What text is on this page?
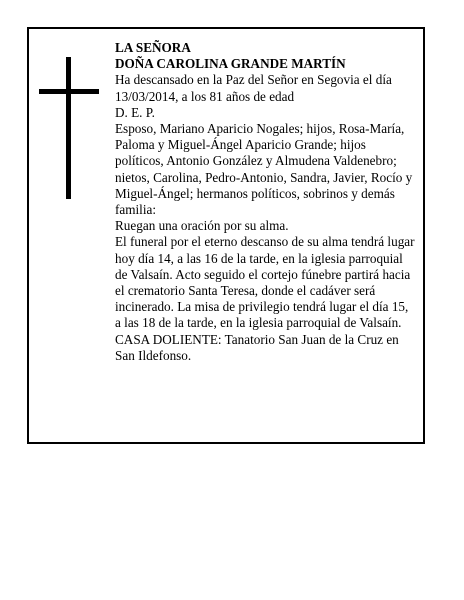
LA SEÑORA

DOÑA CAROLINA GRANDE MARTÍN

Ha descansado en la Paz del Señor en Segovia el día 13/03/2014, a los 81 años de edad

D. E. P.

Esposo, Mariano Aparicio Nogales; hijos, Rosa-María, Paloma y Miguel-Ángel Aparicio Grande; hijos políticos, Antonio González y Almudena Valdenebro; nietos, Carolina, Pedro-Antonio, Sandra, Javier, Rocío y Miguel-Ángel; hermanos políticos, sobrinos y demás familia:

Ruegan una oración por su alma.

El funeral por el eterno descanso de su alma tendrá lugar hoy día 14, a las 16 de la tarde, en la iglesia parroquial de Valsaín. Acto seguido el cortejo fúnebre partirá hacia el crematorio Santa Teresa, donde el cadáver será incinerado. La misa de privilegio tendrá lugar el día 15, a las 18 de la tarde, en la iglesia parroquial de Valsaín.

CASA DOLIENTE: Tanatorio San Juan de la Cruz en San Ildefonso.
